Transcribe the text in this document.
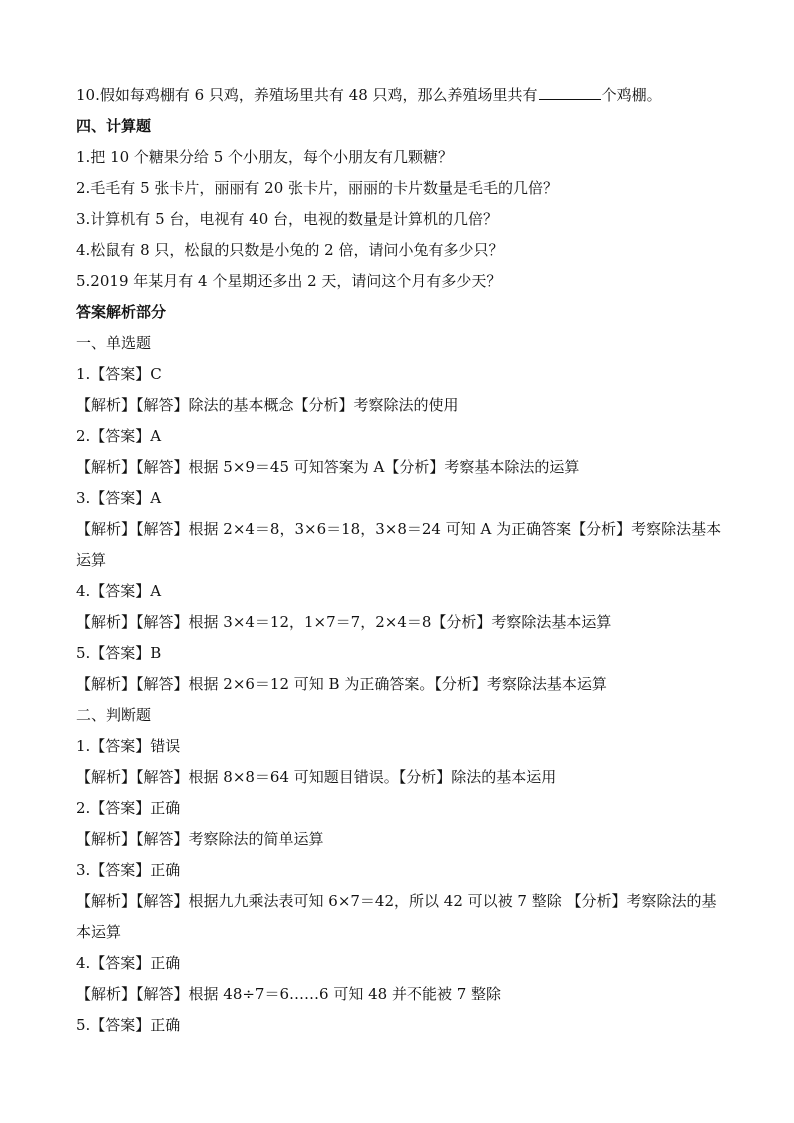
10.假如每鸡棚有 6 只鸡，养殖场里共有 48 只鸡，那么养殖场里共有	个鸡棚。
四、计算题
1.把 10 个糖果分给 5 个小朋友，每个小朋友有几颗糖？
2.毛毛有 5 张卡片，丽丽有 20 张卡片，丽丽的卡片数量是毛毛的几倍？
3.计算机有 5 台，电视有 40 台，电视的数量是计算机的几倍？
4.松鼠有 8 只，松鼠的只数是小兔的 2 倍，请问小兔有多少只？
5.2019 年某月有 4 个星期还多出 2 天，请问这个月有多少天？
答案解析部分
一、单选题
1.【答案】C
【解析】【解答】除法的基本概念【分析】考察除法的使用
2.【答案】A
【解析】【解答】根据 5×9＝45 可知答案为 A【分析】考察基本除法的运算
3.【答案】A
【解析】【解答】根据 2×4＝8，3×6＝18，3×8＝24 可知 A 为正确答案【分析】考察除法基本运算
4.【答案】A
【解析】【解答】根据 3×4＝12，1×7＝7，2×4＝8【分析】考察除法基本运算
5.【答案】B
【解析】【解答】根据 2×6＝12 可知 B 为正确答案。【分析】考察除法基本运算
二、判断题
1.【答案】错误
【解析】【解答】根据 8×8＝64 可知题目错误。【分析】除法的基本运用
2.【答案】正确
【解析】【解答】考察除法的简单运算
3.【答案】正确
【解析】【解答】根据九九乘法表可知 6×7＝42，所以 42 可以被 7 整除 【分析】考察除法的基本运算
4.【答案】正确
【解析】【解答】根据 48÷7＝6……6 可知 48 并不能被 7 整除
5.【答案】正确
